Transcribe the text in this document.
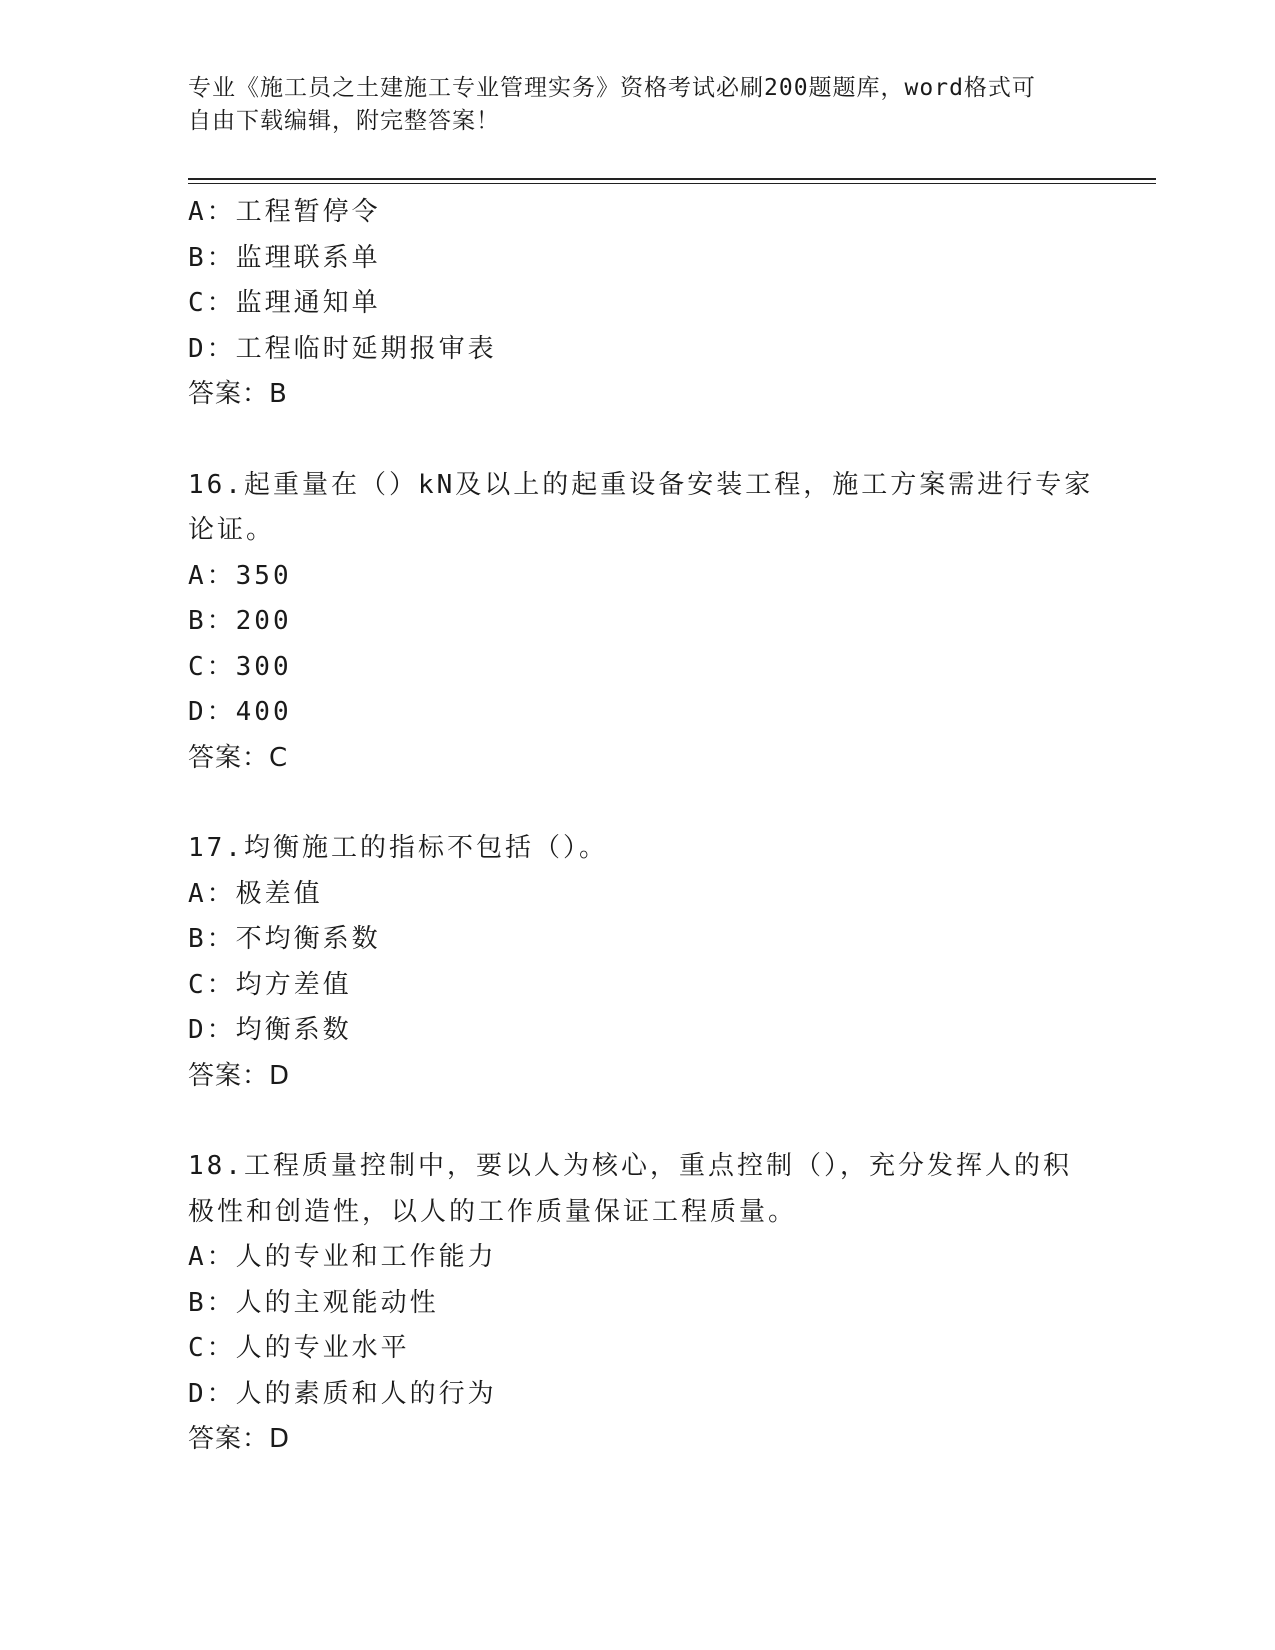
专业《施工员之土建施工专业管理实务》资格考试必刷200题题库，word格式可
自由下载编辑，附完整答案！
A：工程暂停令
B：监理联系单
C：监理通知单
D：工程临时延期报审表
答案：B
16.起重量在（）kN及以上的起重设备安装工程，施工方案需进行专家
论证。
A：350
B：200
C：300
D：400
答案：C
17.均衡施工的指标不包括（）。
A：极差值
B：不均衡系数
C：均方差值
D：均衡系数
答案：D
18.工程质量控制中，要以人为核心，重点控制（），充分发挥人的积
极性和创造性，以人的工作质量保证工程质量。
A：人的专业和工作能力
B：人的主观能动性
C：人的专业水平
D：人的素质和人的行为
答案：D
